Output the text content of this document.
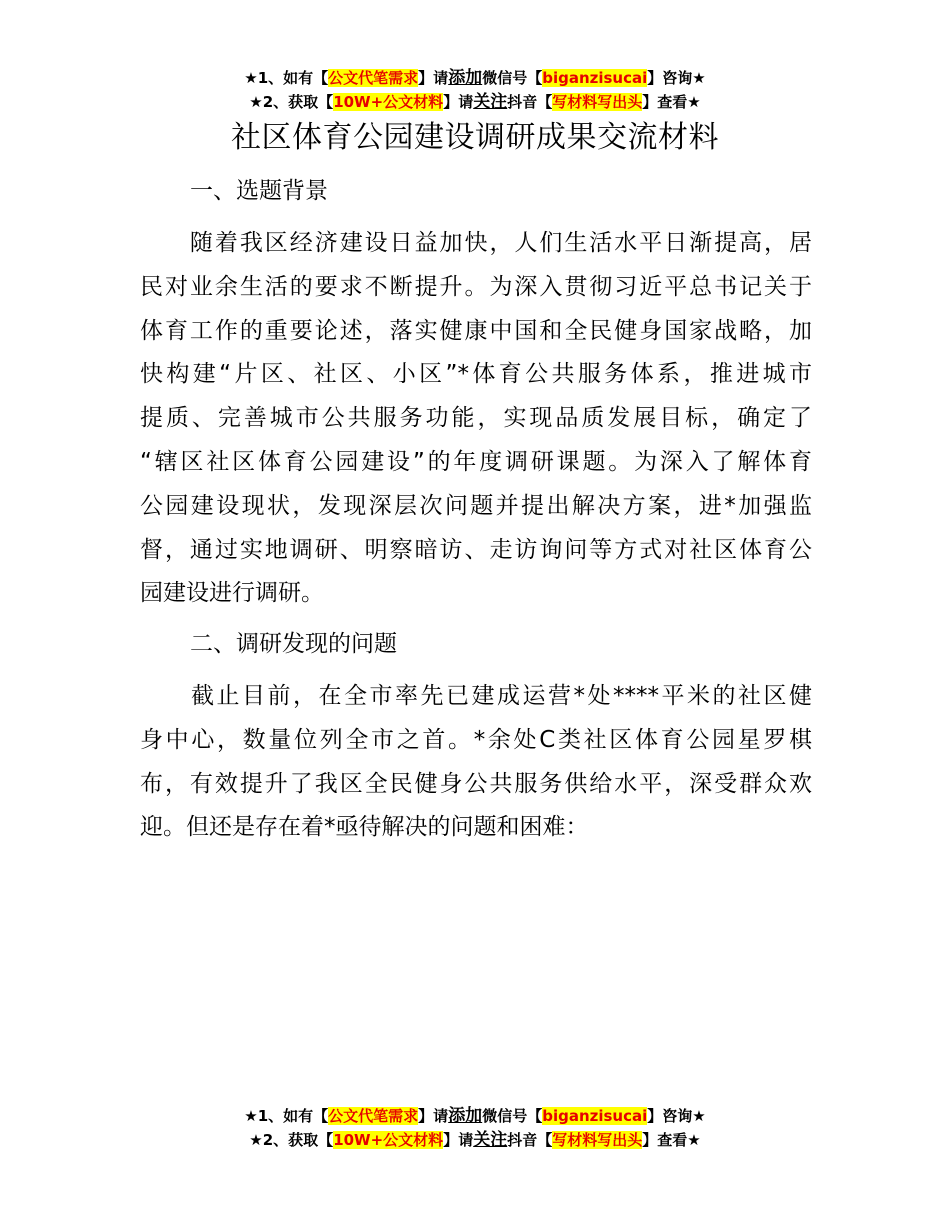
★1、如有【公文代笔需求】请添加微信号【biganzisucai】咨询★
★2、获取【10W+公文材料】请关注抖音【写材料写出头】查看★
社区体育公园建设调研成果交流材料
一、选题背景
　　随着我区经济建设日益加快，人们生活水平日渐提高，居
民对业余生活的要求不断提升。为深入贯彻习近平总书记关于
体育工作的重要论述，落实健康中国和全民健身国家战略，加
快构建“片区、社区、小区”*体育公共服务体系，推进城市
提质、完善城市公共服务功能，实现品质发展目标，确定了
“辖区社区体育公园建设”的年度调研课题。为深入了解体育
公园建设现状，发现深层次问题并提出解决方案，进*加强监
督，通过实地调研、明察暗访、走访询问等方式对社区体育公
园建设进行调研。
二、调研发现的问题
　　截止目前，在全市率先已建成运营*处****平米的社区健
身中心，数量位列全市之首。*余处C类社区体育公园星罗棋
布，有效提升了我区全民健身公共服务供给水平，深受群众欢
迎。但还是存在着*亟待解决的问题和困难：
★1、如有【公文代笔需求】请添加微信号【biganzisucai】咨询★
★2、获取【10W+公文材料】请关注抖音【写材料写出头】查看★
